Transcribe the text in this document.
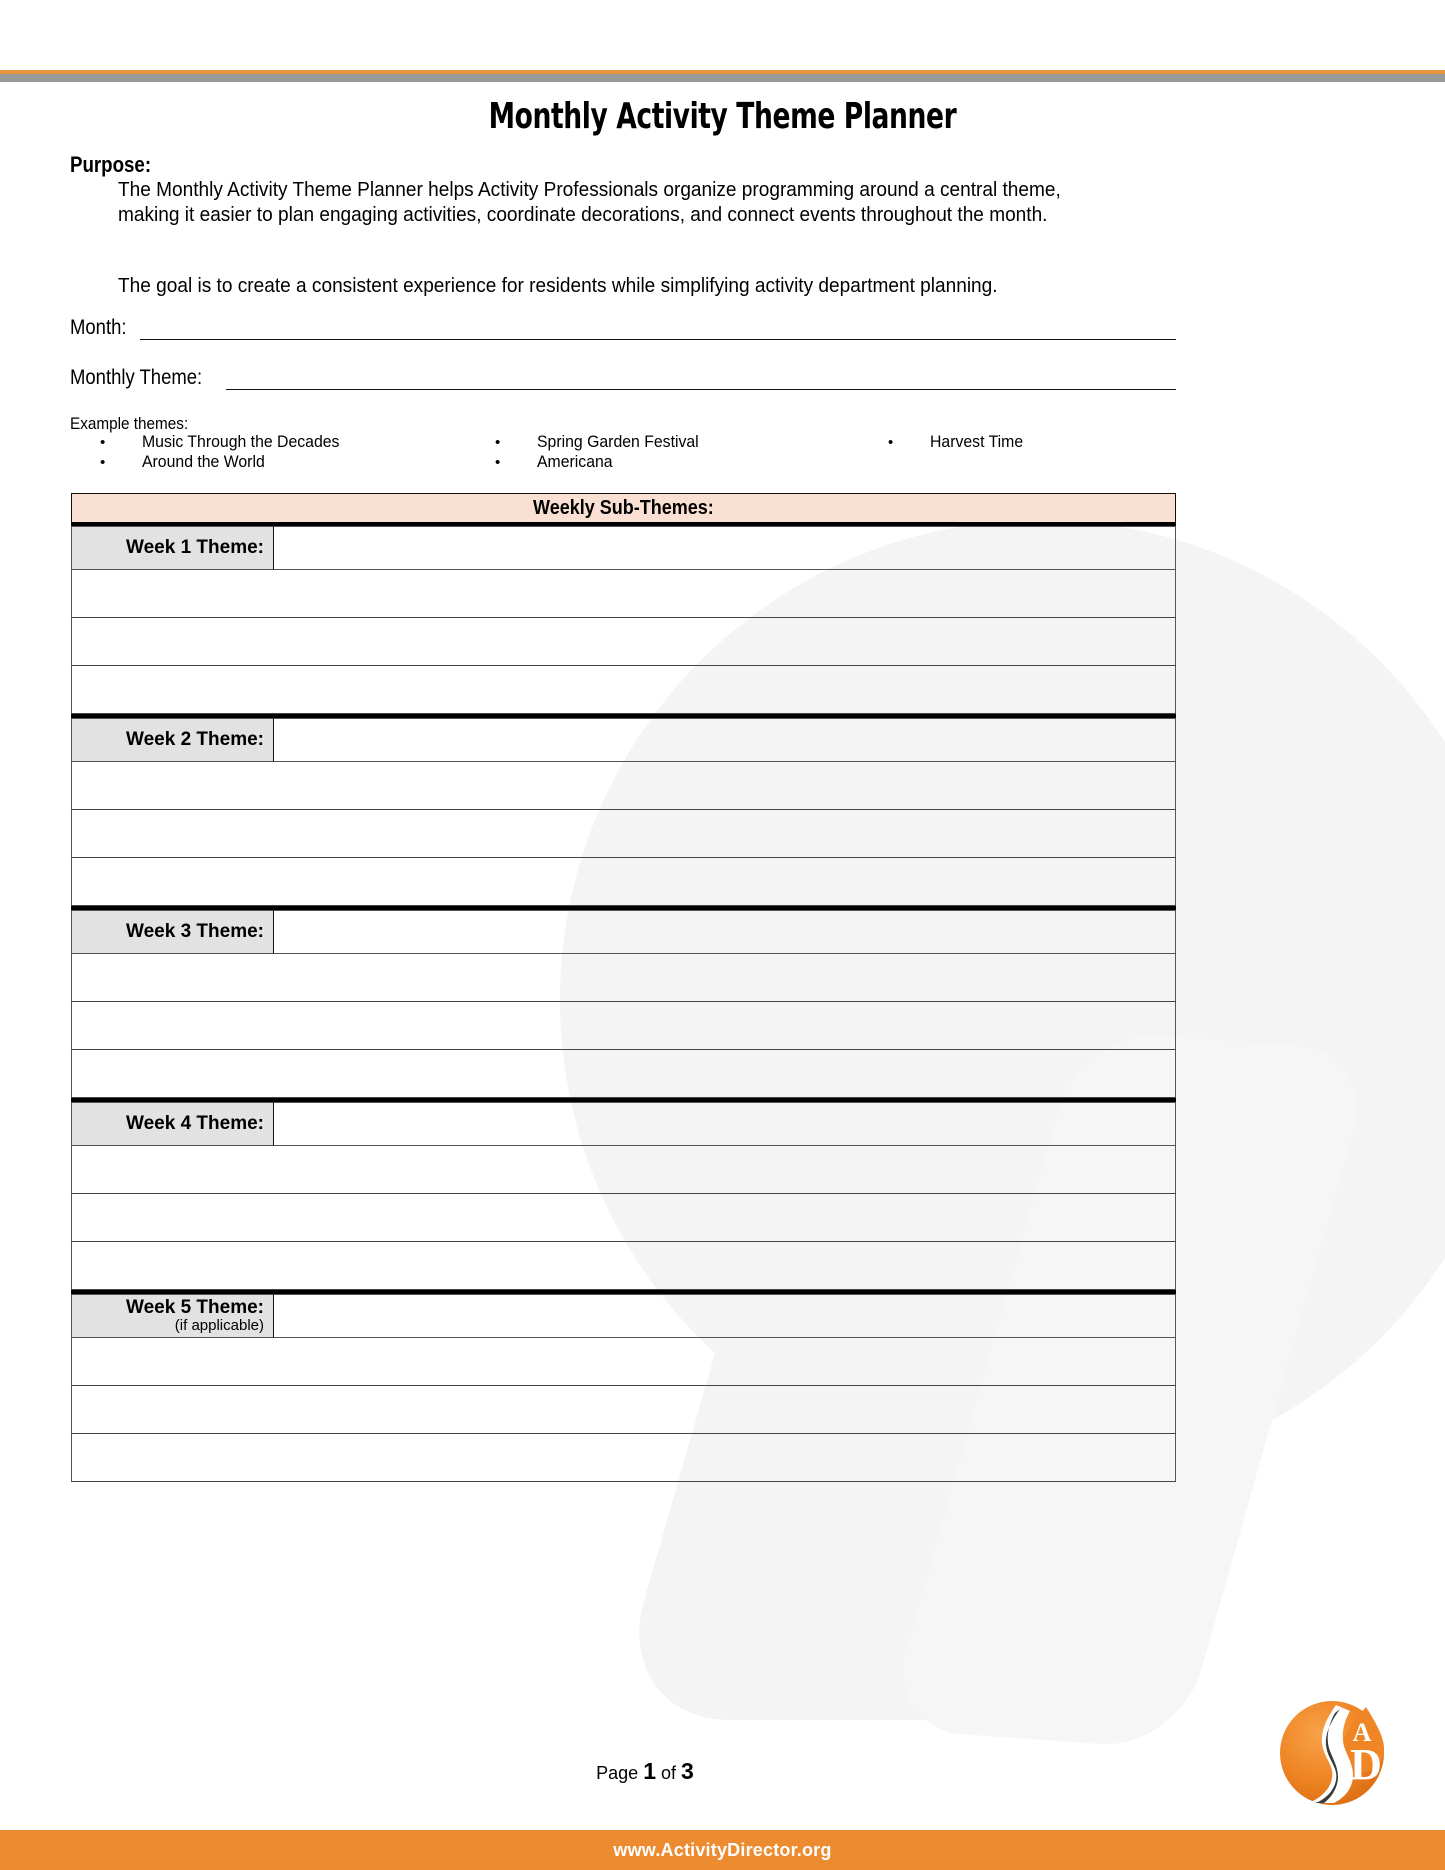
Monthly Activity Theme Planner
Purpose:
The Monthly Activity Theme Planner helps Activity Professionals organize programming around a central theme, making it easier to plan engaging activities, coordinate decorations, and connect events throughout the month.
The goal is to create a consistent experience for residents while simplifying activity department planning.
Month:
Monthly Theme:
Example themes:
•	Music Through the Decades
•	Around the World
•	Spring Garden Festival
•	Americana
•	Harvest Time
Weekly Sub-Themes:
Week 1 Theme:
Week 2 Theme:
Week 3 Theme:
Week 4 Theme:
Week 5 Theme:
(if applicable)
Page 1 of 3
A
D
www.ActivityDirector.org
